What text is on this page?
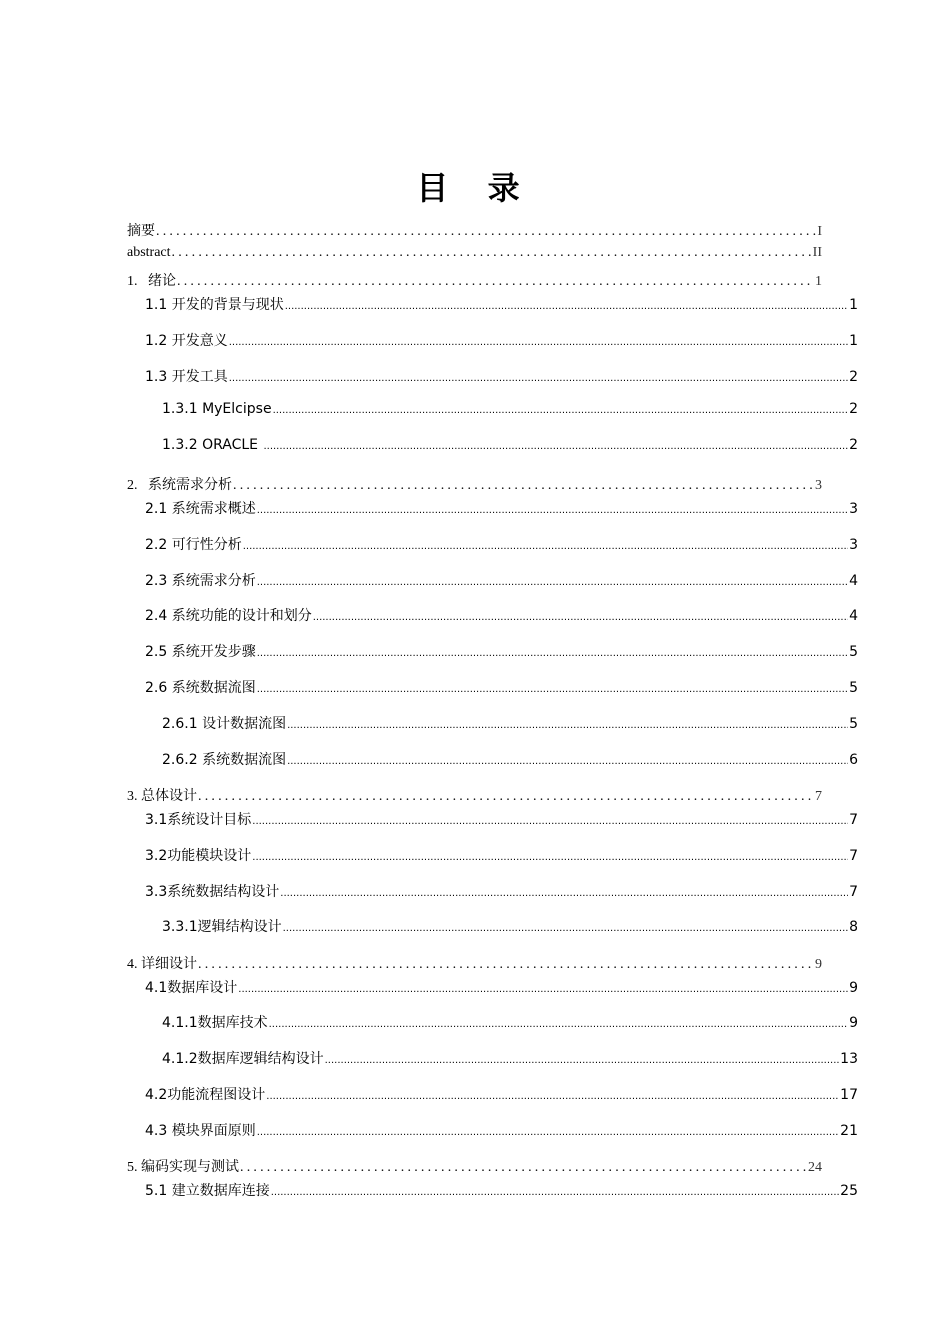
目 录
摘要 .....	I
abstract .....	II
1.   绪论 .....	1
1.1 开发的背景与现状 .....	1
1.2 开发意义 .....	1
1.3 开发工具 .....	2
1.3.1 MyElcipse .....	2
1.3.2 ORACLE .....	2
2.   系统需求分析 .....	3
2.1 系统需求概述 .....	3
2.2 可行性分析 .....	3
2.3 系统需求分析 .....	4
2.4 系统功能的设计和划分 .....	4
2.5 系统开发步骤 .....	5
2.6 系统数据流图 .....	5
2.6.1 设计数据流图 .....	5
2.6.2 系统数据流图 .....	6
3. 总体设计 .....	7
3.1系统设计目标 .....	7
3.2功能模块设计 .....	7
3.3系统数据结构设计 .....	7
3.3.1逻辑结构设计 .....	8
4. 详细设计 .....	9
4.1数据库设计 .....	9
4.1.1数据库技术 .....	9
4.1.2数据库逻辑结构设计 .....	13
4.2功能流程图设计 .....	17
4.3 模块界面原则 .....	21
5. 编码实现与测试 .....	24
5.1 建立数据库连接 .....	25
